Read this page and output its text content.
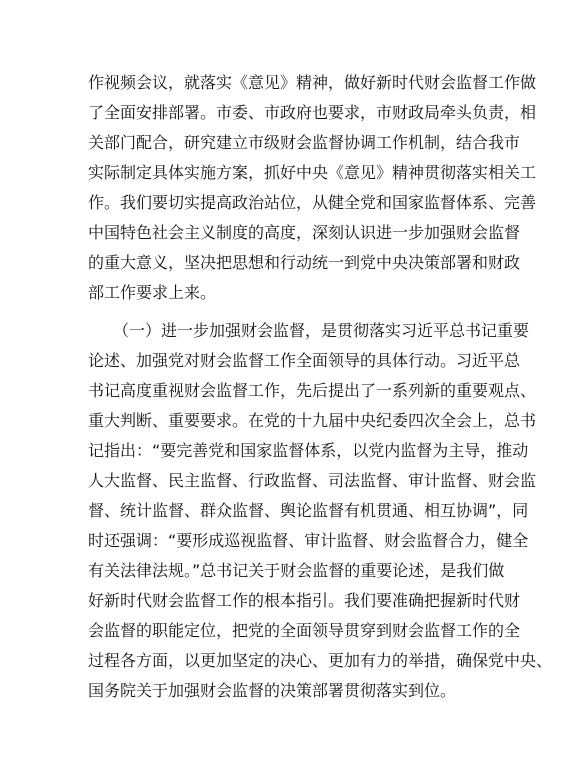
作视频会议，就落实《意见》精神，做好新时代财会监督工作做
了全面安排部署。市委、市政府也要求，市财政局牵头负责，相
关部门配合，研究建立市级财会监督协调工作机制，结合我市
实际制定具体实施方案，抓好中央《意见》精神贯彻落实相关工
作。我们要切实提高政治站位，从健全党和国家监督体系、完善
中国特色社会主义制度的高度，深刻认识进一步加强财会监督
的重大意义，坚决把思想和行动统一到党中央决策部署和财政
部工作要求上来。
（一）进一步加强财会监督，是贯彻落实习近平总书记重要
论述、加强党对财会监督工作全面领导的具体行动。习近平总
书记高度重视财会监督工作，先后提出了一系列新的重要观点、
重大判断、重要要求。在党的十九届中央纪委四次全会上，总书
记指出：“要完善党和国家监督体系，以党内监督为主导，推动
人大监督、民主监督、行政监督、司法监督、审计监督、财会监
督、统计监督、群众监督、舆论监督有机贯通、相互协调”，同
时还强调：“要形成巡视监督、审计监督、财会监督合力，健全
有关法律法规。”总书记关于财会监督的重要论述，是我们做
好新时代财会监督工作的根本指引。我们要准确把握新时代财
会监督的职能定位，把党的全面领导贯穿到财会监督工作的全
过程各方面，以更加坚定的决心、更加有力的举措，确保党中央、
国务院关于加强财会监督的决策部署贯彻落实到位。
